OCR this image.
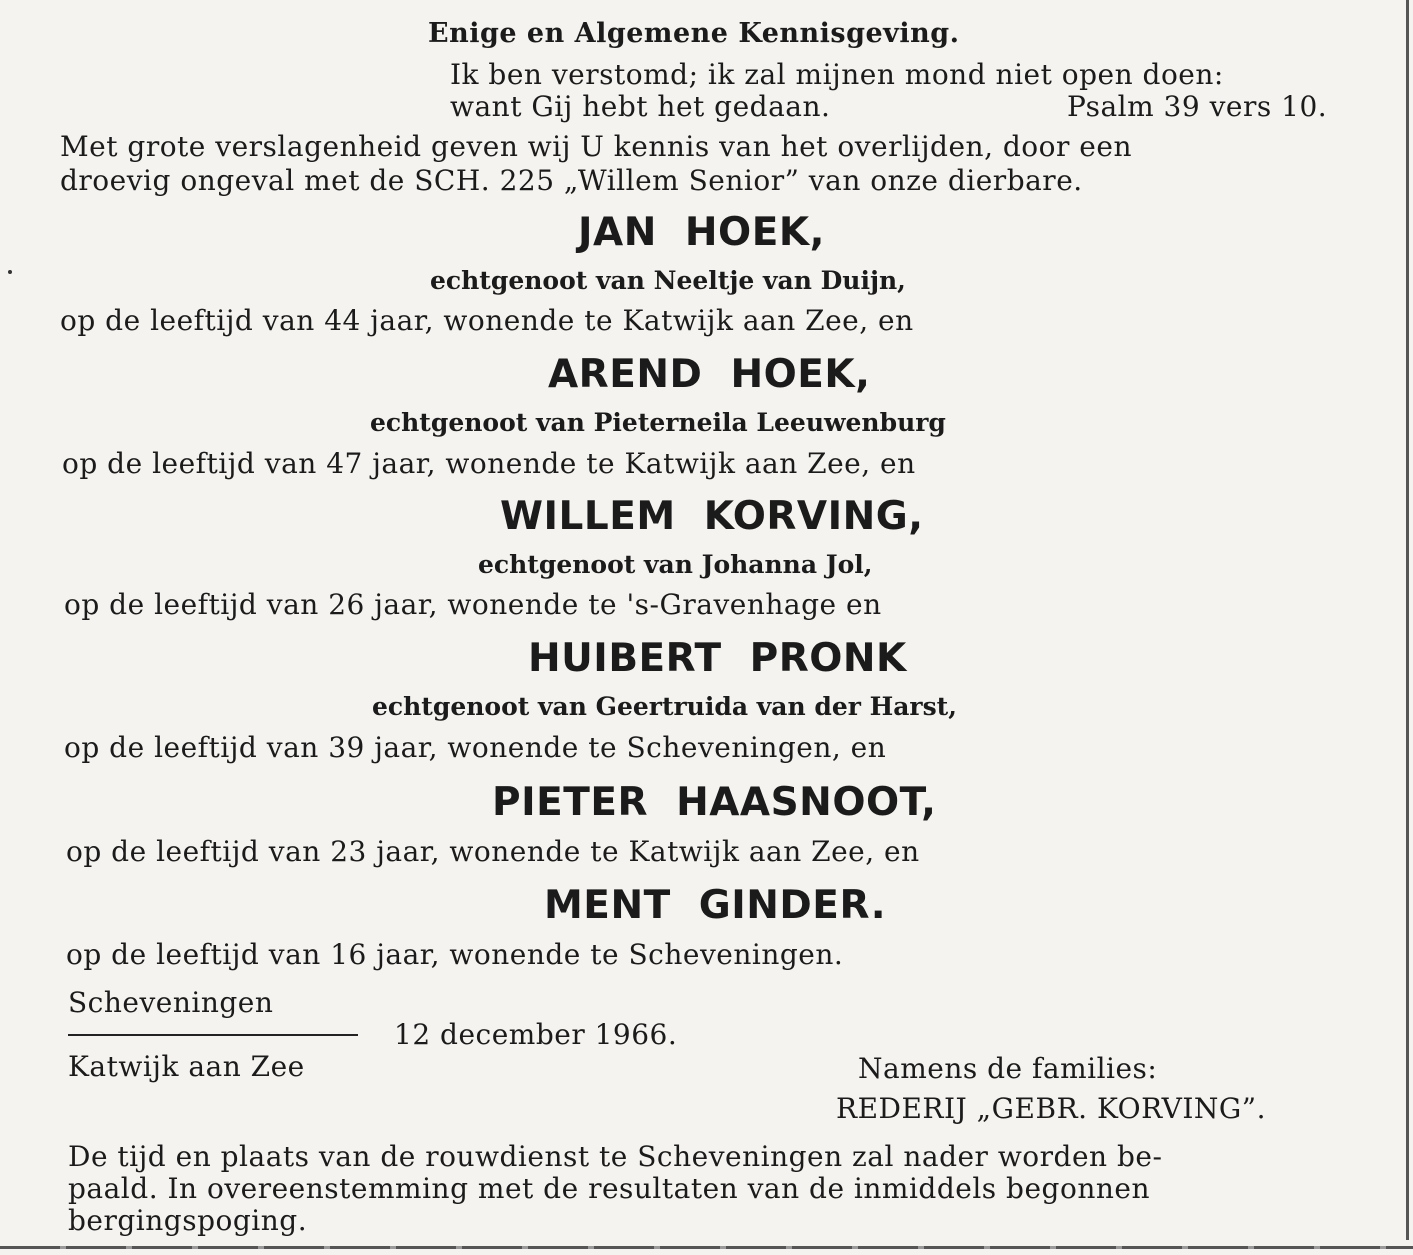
Enige en Algemene Kennisgeving.
Ik ben verstomd; ik zal mijnen mond niet open doen:
want Gij hebt het gedaan.	Psalm 39 vers 10.
Met grote verslagenheid geven wij U kennis van het overlijden, door een
droevig ongeval met de SCH. 225 „Willem Senior” van onze dierbare.
JAN HOEK,
echtgenoot van Neeltje van Duijn,
op de leeftijd van 44 jaar, wonende te Katwijk aan Zee, en
AREND HOEK,
echtgenoot van Pieterneila Leeuwenburg
op de leeftijd van 47 jaar, wonende te Katwijk aan Zee, en
WILLEM KORVING,
echtgenoot van Johanna Jol,
op de leeftijd van 26 jaar, wonende te 's-Gravenhage en
HUIBERT PRONK
echtgenoot van Geertruida van der Harst,
op de leeftijd van 39 jaar, wonende te Scheveningen, en
PIETER HAASNOOT,
op de leeftijd van 23 jaar, wonende te Katwijk aan Zee, en
MENT GINDER.
op de leeftijd van 16 jaar, wonende te Scheveningen.
Scheveningen
12 december 1966.
Katwijk aan Zee	Namens de families:
REDERIJ „GEBR. KORVING”.
De tijd en plaats van de rouwdienst te Scheveningen zal nader worden be-
paald. In overeenstemming met de resultaten van de inmiddels begonnen
bergingspoging.
